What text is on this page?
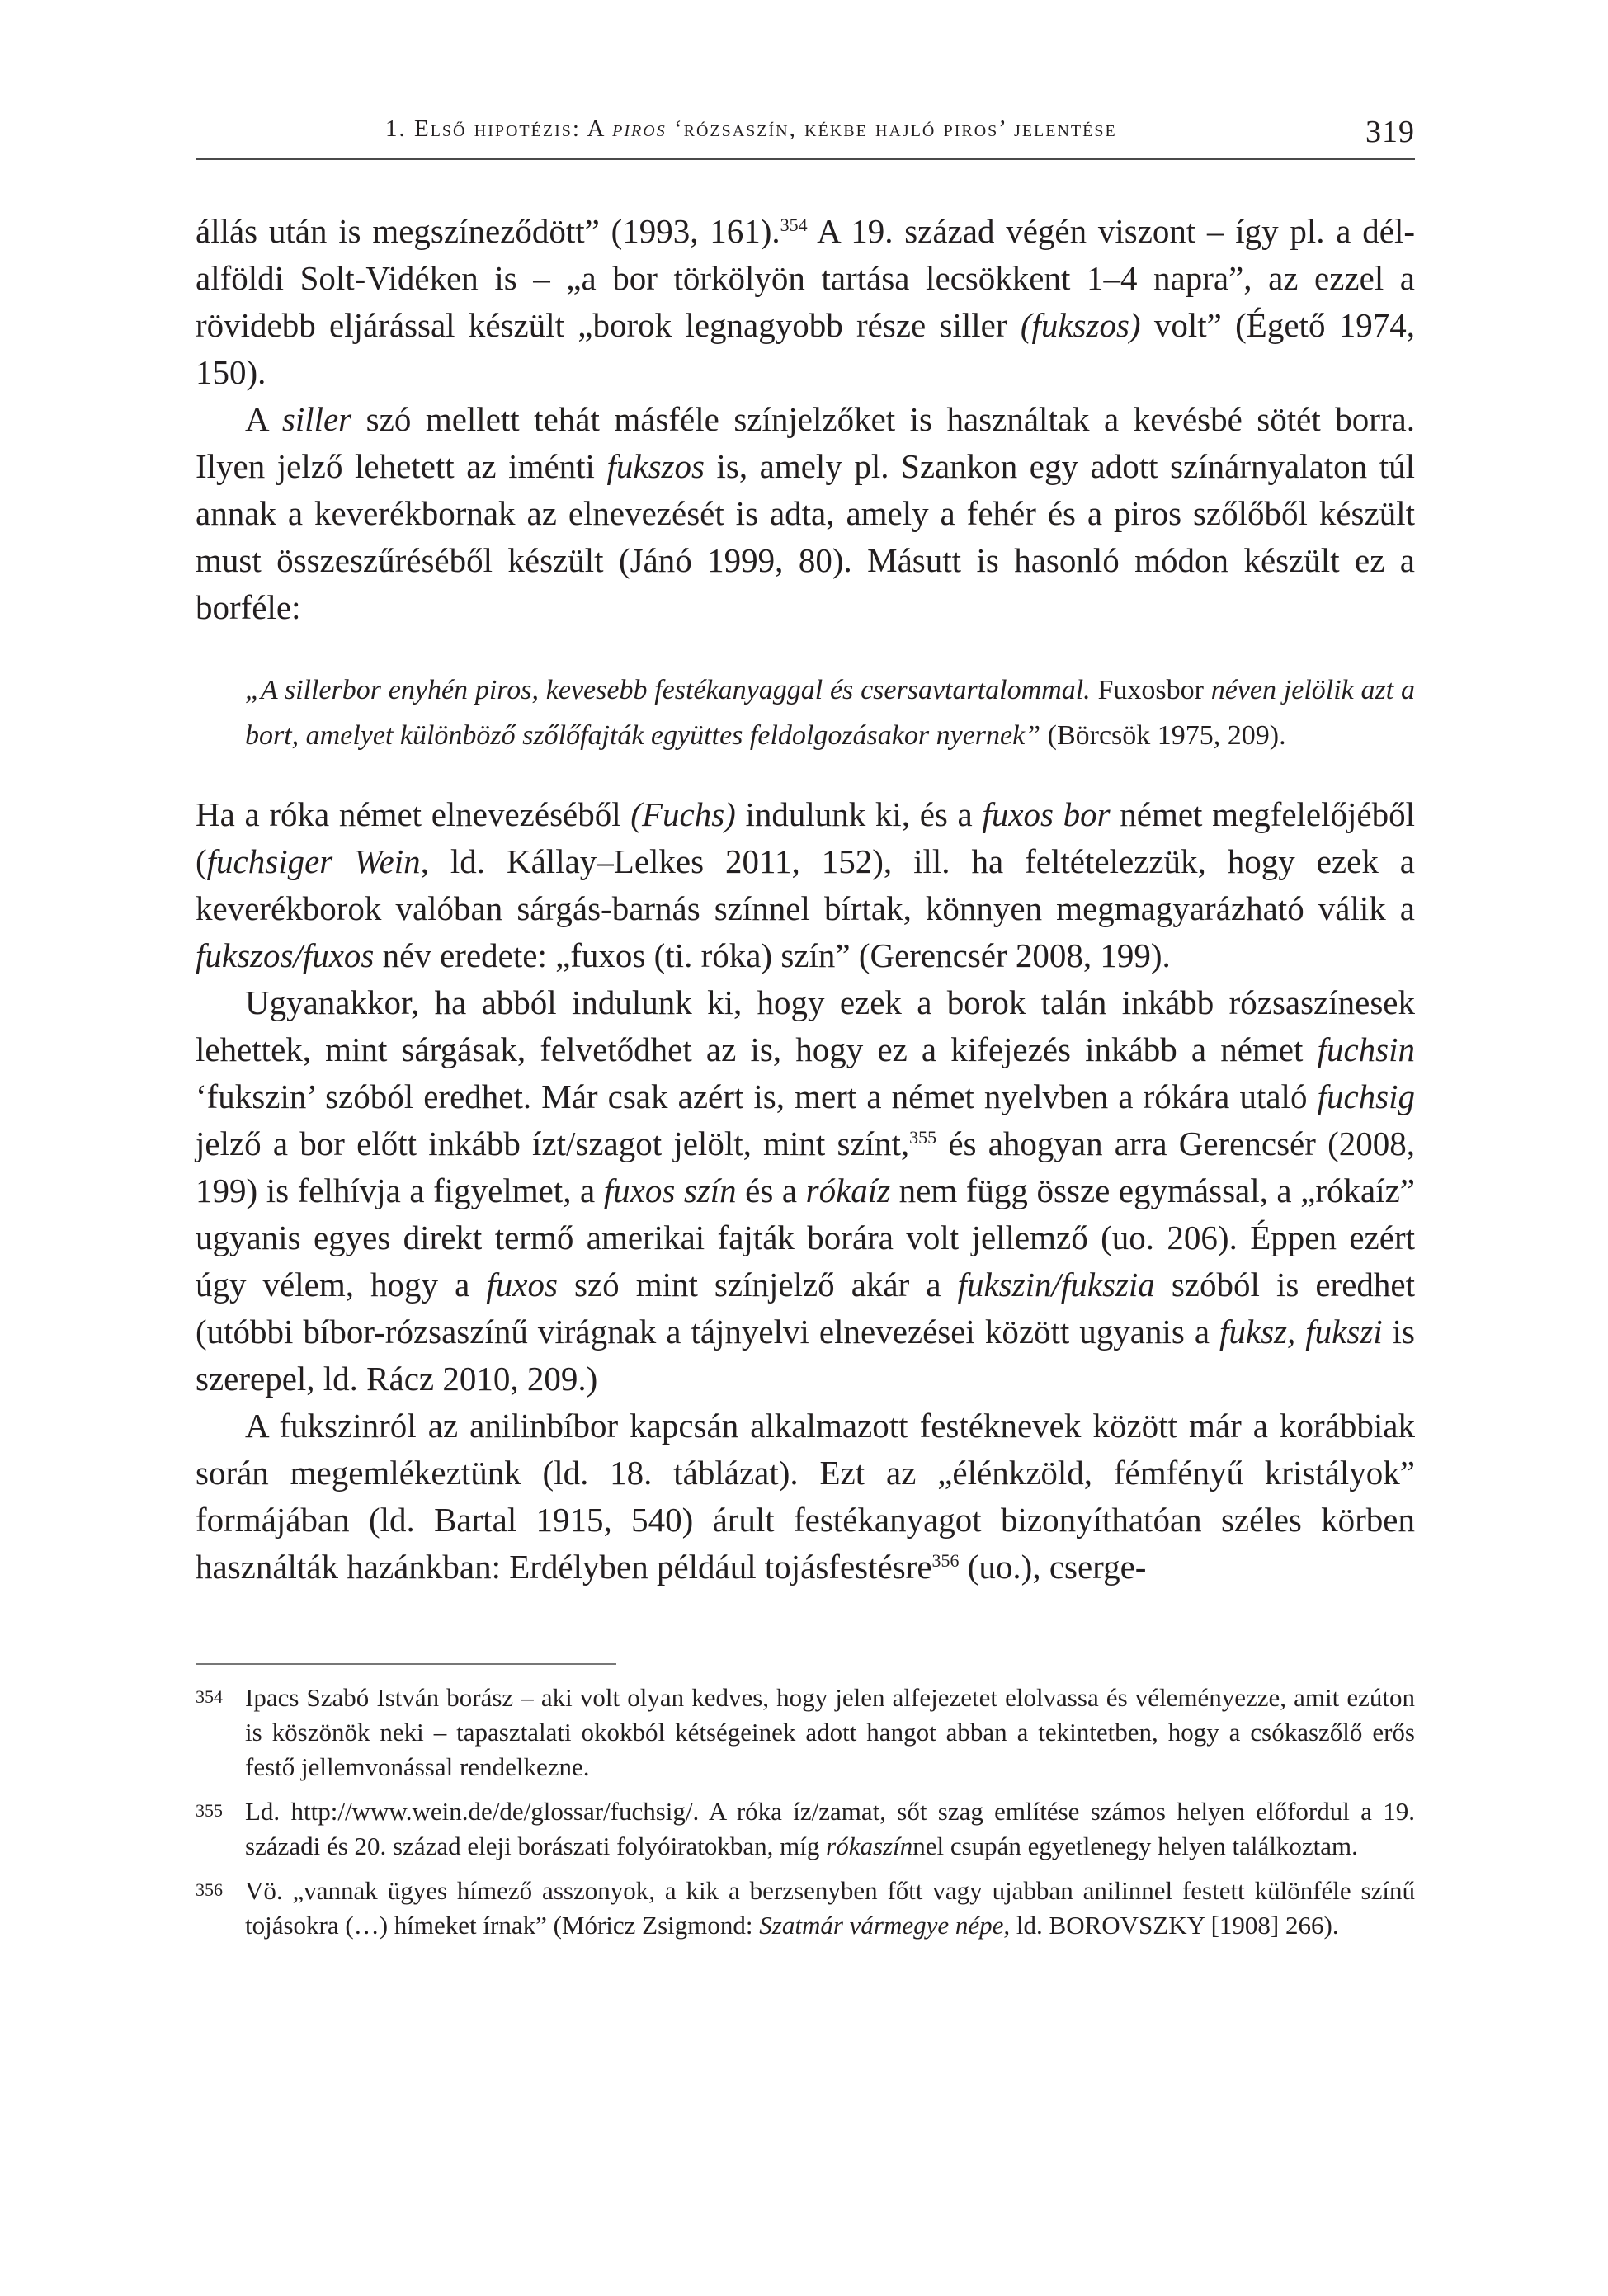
1. Első hipotézis: A piros ‘rózsaszín, kékbe hajló piros’ jelentése	319

állás után is megszíneződött” (1993, 161).$^{354}$ A 19. század végén viszont – így pl. a dél-alföldi Solt-Vidéken is – „a bor törkölyön tartása lecsökkent 1–4 napra”, az ezzel a rövidebb eljárással készült „borok legnagyobb része siller (fukszos) volt” (Égető 1974, 150).

A siller szó mellett tehát másféle színjelzőket is használtak a kevésbé sötét borra. Ilyen jelző lehetett az iménti fukszos is, amely pl. Szankon egy adott színárnyalaton túl annak a keverékbornak az elnevezését is adta, amely a fehér és a piros szőlőből készült must összeszűréséből készült (Jánó 1999, 80). Másutt is hasonló módon készült ez a borféle:

„A sillerbor enyhén piros, kevesebb festékanyaggal és csersavtartalommal. Fuxosbor néven jelölik azt a bort, amelyet különböző szőlőfajták együttes feldolgozásakor nyernek” (Börcsök 1975, 209).

Ha a róka német elnevezéséből (Fuchs) indulunk ki, és a fuxos bor német megfelelőjéből (fuchsiger Wein, ld. Kállay–Lelkes 2011, 152), ill. ha feltételezzük, hogy ezek a keverékborok valóban sárgás-barnás színnel bírtak, könnyen megmagyarázható válik a fukszos/fuxos név eredete: „fuxos (ti. róka) szín” (Gerencsér 2008, 199).

Ugyanakkor, ha abból indulunk ki, hogy ezek a borok talán inkább rózsaszínesek lehettek, mint sárgásak, felvetődhet az is, hogy ez a kifejezés inkább a német fuchsin ‘fukszin’ szóból eredhet. Már csak azért is, mert a német nyelvben a rókára utaló fuchsig jelző a bor előtt inkább ízt/szagot jelölt, mint színt,$^{355}$ és ahogyan arra Gerencsér (2008, 199) is felhívja a figyelmet, a fuxos szín és a rókaíz nem függ össze egymással, a „rókaíz” ugyanis egyes direkt termő amerikai fajták borára volt jellemző (uo. 206). Éppen ezért úgy vélem, hogy a fuxos szó mint színjelző akár a fukszin/fukszia szóból is eredhet (utóbbi bíbor-rózsaszínű virágnak a tájnyelvi elnevezései között ugyanis a fuksz, fukszi is szerepel, ld. Rácz 2010, 209.)

A fukszinról az anilinbíbor kapcsán alkalmazott festéknevek között már a korábbiak során megemlékeztünk (ld. 18. táblázat). Ezt az „élénkzöld, fémfényű kristályok” formájában (ld. Bartal 1915, 540) árult festékanyagot bizonyíthatóan széles körben használták hazánkban: Erdélyben például tojásfestésre$^{356}$ (uo.), cserge-

354 Ipacs Szabó István borász – aki volt olyan kedves, hogy jelen alfejezetet elolvassa és véleményezze, amit ezúton is köszönök neki – tapasztalati okokból kétségeinek adott hangot abban a tekintetben, hogy a csókaszőlő erős festő jellemvonással rendelkezne.
355 Ld. http://www.wein.de/de/glossar/fuchsig/. A róka íz/zamat, sőt szag említése számos helyen előfordul a 19. századi és 20. század eleji borászati folyóiratokban, míg rókaszínnel csupán egyetlenegy helyen találkoztam.
356 Vö. „vannak ügyes hímező asszonyok, a kik a berzsenyben főtt vagy ujabban anilinnel festett különféle színű tojásokra (…) hímeket írnak” (Móricz Zsigmond: Szatmár vármegye népe, ld. BOROVSZKY [1908] 266).
